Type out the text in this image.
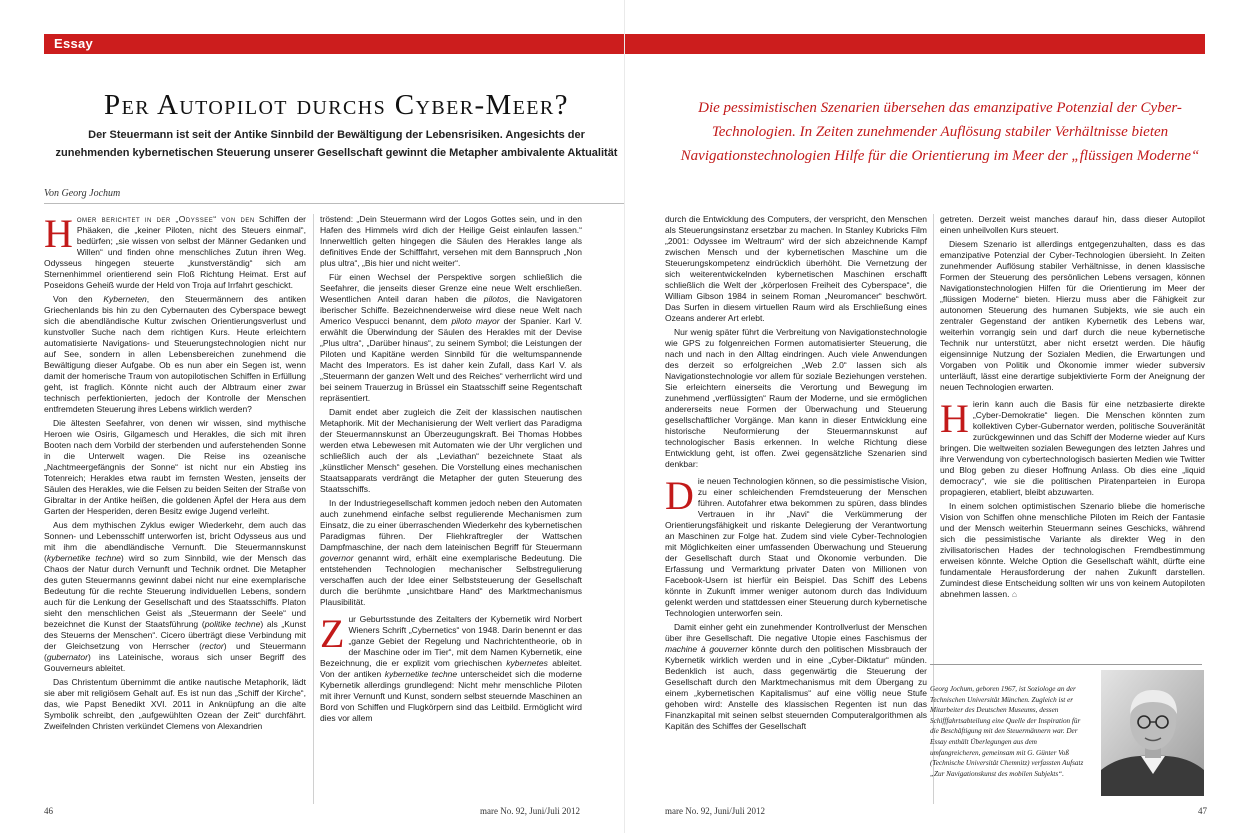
Essay
Per Autopilot durchs Cyber-Meer?
Der Steuermann ist seit der Antike Sinnbild der Bewältigung der Lebensrisiken. Angesichts der
zunehmenden kybernetischen Steuerung unserer Gesellschaft gewinnt die Metapher ambivalente Aktualität
Von Georg Jochum

Homer berichtet in der „Odyssee“ von den Schiffen der Phäaken, die „keiner Piloten, nicht des Steuers einmal“, bedürfen; „sie wissen von selbst der Männer Gedanken und Willen“ und finden ohne menschliches Zutun ihren Weg. Odysseus hingegen steuerte „kunstverständig“ sich am Sternenhimmel orientierend sein Floß Richtung Heimat. Erst auf Poseidons Geheiß wurde der Held von Troja auf Irrfahrt geschickt.

Von den Kyberneten, den Steuermännern des antiken Griechenlands bis hin zu den Cybernauten des Cyberspace bewegt sich die abendländische Kultur zwischen Orientierungsverlust und kunstvoller Suche nach dem richtigen Kurs. Heute erleichtern automatisierte Navigations- und Steuerungstechnologien nicht nur auf See, sondern in allen Lebensbereichen zunehmend die Bewältigung dieser Aufgabe. Ob es nun aber ein Segen ist, wenn damit der homerische Traum von autopilotischen Schiffen in Erfüllung geht, ist fraglich. Könnte nicht auch der Albtraum einer zwar technisch perfektionierten, jedoch der Kontrolle der Menschen entfremdeten Steuerung ihres Lebens wirklich werden?

Die ältesten Seefahrer, von denen wir wissen, sind mythische Heroen wie Osiris, Gilgamesch und Herakles, die sich mit ihren Booten nach dem Vorbild der sterbenden und auferstehenden Sonne in die Unterwelt wagen. Die Reise ins ozeanische „Nachtmeergefängnis der Sonne“ ist nicht nur ein Abstieg ins Totenreich; Herakles etwa raubt im fernsten Westen, jenseits der Säulen des Herakles, wie die Felsen zu beiden Seiten der Straße von Gibraltar in der Antike heißen, die goldenen Äpfel der Hera aus dem Garten der Hesperiden, deren Besitz ewige Jugend verleiht.

Aus dem mythischen Zyklus ewiger Wiederkehr, dem auch das Sonnen- und Lebensschiff unterworfen ist, bricht Odysseus aus und mit ihm die abendländische Vernunft. Die Steuermannskunst (kybernetike techne) wird so zum Sinnbild, wie der Mensch das Chaos der Natur durch Vernunft und Technik ordnet. Die Metapher des guten Steuermanns gewinnt dabei nicht nur eine exemplarische Bedeutung für die rechte Steuerung individuellen Lebens, sondern auch für die Lenkung der Gesellschaft und des Staatsschiffs. Platon sieht den menschlichen Geist als „Steuermann der Seele“ und bezeichnet die Kunst der Staatsführung (politike techne) als „Kunst des Steuerns der Menschen“. Cicero überträgt diese Verbindung mit der Gleichsetzung von Herrscher (rector) und Steuermann (gubernator) ins Lateinische, woraus sich unser Begriff des Gouverneurs ableitet.

Das Christentum übernimmt die antike nautische Metaphorik, lädt sie aber mit religiösem Gehalt auf. Es ist nun das „Schiff der Kirche“, das, wie Papst Benedikt XVI. 2011 in Anknüpfung an die alte Symbolik schreibt, den „aufgewühlten Ozean der Zeit“ durchfährt. Zweifelnden Christen verkündet Clemens von Alexandrien

tröstend: „Dein Steuermann wird der Logos Gottes sein, und in den Hafen des Himmels wird dich der Heilige Geist einlaufen lassen.“ Innerweltlich gelten hingegen die Säulen des Herakles lange als definitives Ende der Schifffahrt, versehen mit dem Bannspruch „Non plus ultra“, „Bis hier und nicht weiter“.

Für einen Wechsel der Perspektive sorgen schließlich die Seefahrer, die jenseits dieser Grenze eine neue Welt erschließen. Wesentlichen Anteil daran haben die pilotos, die Navigatoren iberischer Schiffe. Bezeichnenderweise wird diese neue Welt nach Americo Vespucci benannt, dem piloto mayor der Spanier. Karl V. erwählt die Überwindung der Säulen des Herakles mit der Devise „Plus ultra“, „Darüber hinaus“, zu seinem Symbol; die Leistungen der Piloten und Kapitäne werden Sinnbild für die weltumspannende Macht des Imperators. Es ist daher kein Zufall, dass Karl V. als „Steuermann der ganzen Welt und des Reiches“ verherrlicht wird und bei seinem Trauerzug in Brüssel ein Staatsschiff seine Regentschaft repräsentiert.

Damit endet aber zugleich die Zeit der klassischen nautischen Metaphorik. Mit der Mechanisierung der Welt verliert das Paradigma der Steuermannskunst an Überzeugungskraft. Bei Thomas Hobbes werden etwa Lebewesen mit Automaten wie der Uhr verglichen und schließlich auch der als „Leviathan“ bezeichnete Staat als „künstlicher Mensch“ gesehen. Die Vorstellung eines mechanischen Staatsapparats verdrängt die Metapher der guten Steuerung des Staatsschiffs.

In der Industriegesellschaft kommen jedoch neben den Automaten auch zunehmend einfache selbst regulierende Mechanismen zum Einsatz, die zu einer überraschenden Wiederkehr des kybernetischen Paradigmas führen. Der Fliehkraftregler der Wattschen Dampfmaschine, der nach dem lateinischen Begriff für Steuermann governor genannt wird, erhält eine exemplarische Bedeutung. Die entstehenden Technologien mechanischer Selbstregulierung verschaffen auch der Idee einer Selbststeuerung der Gesellschaft durch die berühmte „unsichtbare Hand“ des Marktmechanismus Plausibilität.

Zur Geburtsstunde des Zeitalters der Kybernetik wird Norbert Wieners Schrift „Cybernetics“ von 1948. Darin benennt er das „ganze Gebiet der Regelung und Nachrichtentheorie, ob in der Maschine oder im Tier“, mit dem Namen Kybernetik, eine Bezeichnung, die er explizit vom griechischen kybernetes ableitet. Von der antiken kybernetike techne unterscheidet sich die moderne Kybernetik allerdings grundlegend: Nicht mehr menschliche Piloten mit ihrer Vernunft und Kunst, sondern selbst steuernde Maschinen an Bord von Schiffen und Flugkörpern sind das Leitbild. Ermöglicht wird dies vor allem

46	mare No. 92, Juni/Juli 2012
Die pessimistischen Szenarien übersehen das emanzipative Potenzial der Cyber-Technologien. In Zeiten zunehmender Auflösung stabiler Verhältnisse bieten Navigationstechnologien Hilfe für die Orientierung im Meer der „flüssigen Moderne“

durch die Entwicklung des Computers, der verspricht, den Menschen als Steuerungsinstanz ersetzbar zu machen. In Stanley Kubricks Film „2001: Odyssee im Weltraum“ wird der sich abzeichnende Kampf zwischen Mensch und der kybernetischen Maschine um die Steuerungskompetenz eindrücklich überhöht. Die Vernetzung der sich weiterentwickelnden kybernetischen Maschinen erschafft schließlich die Welt der „körperlosen Freiheit des Cyberspace“, die William Gibson 1984 in seinem Roman „Neuromancer“ beschwört. Das Surfen in diesem virtuellen Raum wird als Erschließung eines Ozeans anderer Art erlebt.

Nur wenig später führt die Verbreitung von Navigationstechnologie wie GPS zu folgenreichen Formen automatisierter Steuerung, die nach und nach in den Alltag eindringen. Auch viele Anwendungen des derzeit so erfolgreichen „Web 2.0“ lassen sich als Navigationstechnologie vor allem für soziale Beziehungen verstehen. Sie erleichtern einerseits die Verortung und Bewegung im zunehmend „verflüssigten“ Raum der Moderne, und sie ermöglichen andererseits neue Formen der Überwachung und Steuerung gesellschaftlicher Vorgänge. Man kann in dieser Entwicklung eine historische Neuformierung der Steuermannskunst auf technologischer Basis erkennen. In welche Richtung diese Entwicklung geht, ist offen. Zwei gegensätzliche Szenarien sind denkbar:

Die neuen Technologien können, so die pessimistische Vision, zu einer schleichenden Fremdsteuerung der Menschen führen. Autofahrer etwa bekommen zu spüren, dass blindes Vertrauen in ihr „Navi“ die Verkümmerung der Orientierungsfähigkeit und riskante Delegierung der Verantwortung an Maschinen zur Folge hat. Zudem sind viele Cyber-Technologien mit Möglichkeiten einer umfassenden Überwachung und Steuerung der Gesellschaft durch Staat und Ökonomie verbunden. Die Erfassung und Vermarktung privater Daten von Millionen von Facebook-Usern ist hierfür ein Beispiel. Das Schiff des Lebens könnte in Zukunft immer weniger autonom durch das Individuum gelenkt werden und stattdessen einer Steuerung durch kybernetische Technologien unterworfen sein.

Damit einher geht ein zunehmender Kontrollverlust der Menschen über ihre Gesellschaft. Die negative Utopie eines Faschismus der machine à gouverner könnte durch den politischen Missbrauch der Kybernetik wirklich werden und in eine „Cyber-Diktatur“ münden. Bedenklich ist auch, dass gegenwärtig die Steuerung der Gesellschaft durch den Marktmechanismus mit dem Übergang zu einem „kybernetischen Kapitalismus“ auf eine völlig neue Stufe gehoben wird: Anstelle des klassischen Regenten ist nun das Finanzkapital mit seinen selbst steuernden Computeralgorithmen als Kapitän des Schiffes der Gesellschaft

getreten. Derzeit weist manches darauf hin, dass dieser Autopilot einen unheilvollen Kurs steuert.

Diesem Szenario ist allerdings entgegenzuhalten, dass es das emanzipative Potenzial der Cyber-Technologien übersieht. In Zeiten zunehmender Auflösung stabiler Verhältnisse, in denen klassische Formen der Steuerung des persönlichen Lebens versagen, können Navigationstechnologien Hilfen für die Orientierung im Meer der „flüssigen Moderne“ bieten. Hierzu muss aber die Fähigkeit zur autonomen Steuerung des humanen Subjekts, wie sie auch ein zentraler Gegenstand der antiken Kybernetik des Lebens war, weiterhin vorrangig sein und darf durch die neue kybernetische Technik nur unterstützt, aber nicht ersetzt werden. Die häufig eigensinnige Nutzung der Sozialen Medien, die Erwartungen und Vorgaben von Politik und Ökonomie immer wieder subversiv unterläuft, lässt eine derartige subjektivierte Form der Aneignung der neuen Technologien erwarten.

Hierin kann auch die Basis für eine netzbasierte direkte „Cyber-Demokratie“ liegen. Die Menschen könnten zum kollektiven Cyber-Gubernator werden, politische Souveränität zurückgewinnen und das Schiff der Moderne wieder auf Kurs bringen. Die weltweiten sozialen Bewegungen des letzten Jahres und ihre Verwendung von cybertechnologisch basierten Medien wie Twitter und Blog geben zu dieser Hoffnung Anlass. Ob dies eine „liquid democracy“, wie sie die politischen Piratenparteien in Europa propagieren, etabliert, bleibt abzuwarten.

In einem solchen optimistischen Szenario bliebe die homerische Vision von Schiffen ohne menschliche Piloten im Reich der Fantasie und der Mensch weiterhin Steuermann seines Geschicks, während sich die pessimistische Variante als direkter Weg in den zivilisatorischen Hades der technologischen Fremdbestimmung erweisen könnte. Welche Option die Gesellschaft wählt, dürfte eine fundamentale Herausforderung der nahen Zukunft darstellen. Zumindest diese Entscheidung sollten wir uns von keinem Autopiloten abnehmen lassen. ⌂

Georg Jochum, geboren 1967, ist Soziologe an der Technischen Universität München. Zugleich ist er Mitarbeiter des Deutschen Museums, dessen Schifffahrtsabteilung eine Quelle der Inspiration für die Beschäftigung mit den Steuermännern war. Der Essay enthält Überlegungen aus dem umfangreicheren, gemeinsam mit G. Günter Voß (Technische Universität Chemnitz) verfassten Aufsatz „Zur Navigationskunst des mobilen Subjekts“.
mare No. 92, Juni/Juli 2012	47
